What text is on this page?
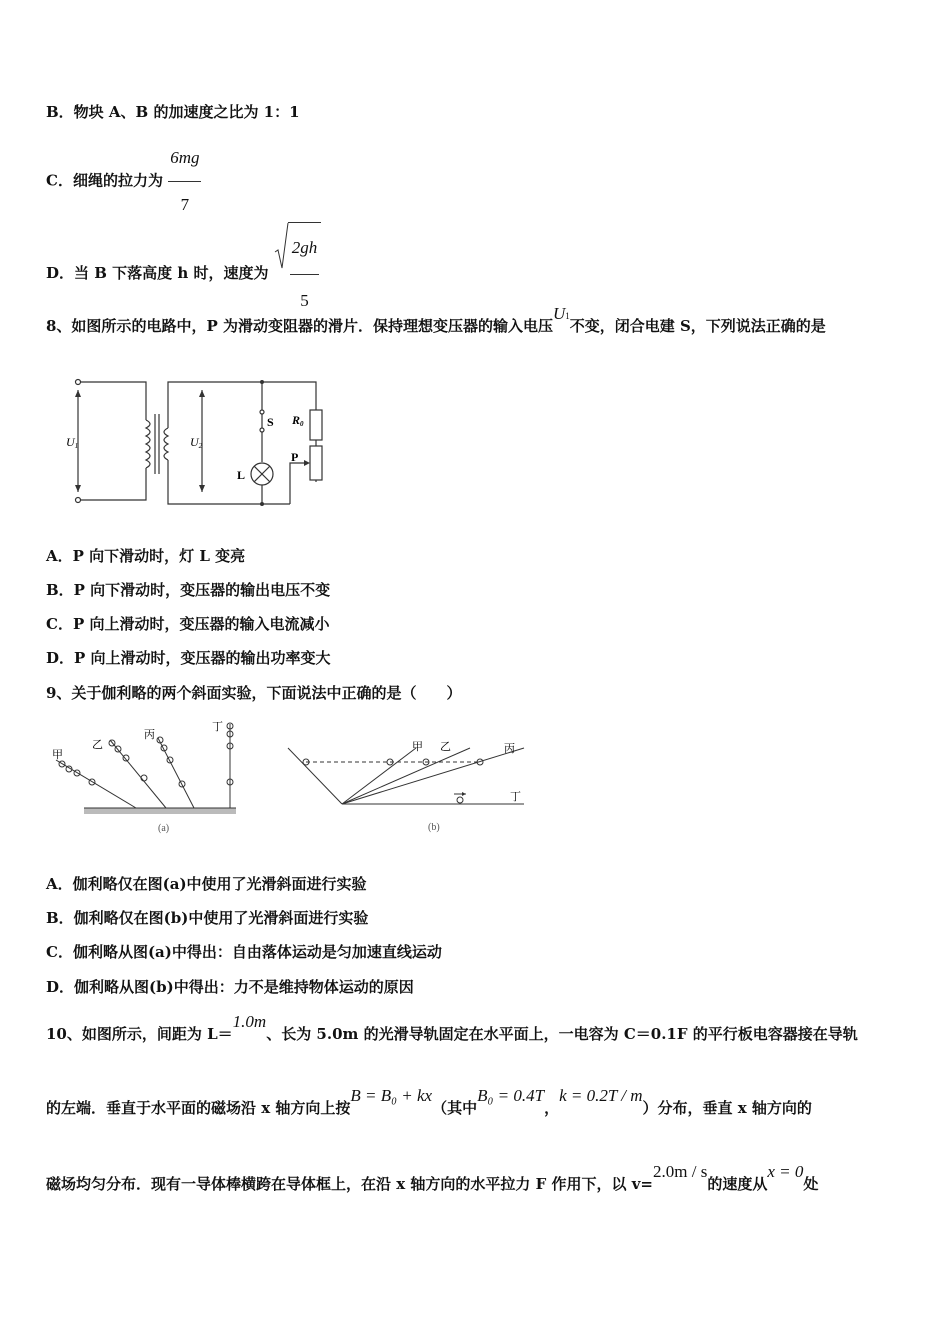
B．物块 A、B 的加速度之比为 1：1
C．细绳的拉力为 $\frac{6mg}{7}$
D．当 B 下落高度 h 时，速度为 $\frac{2gh}{5}$
8、如图所示的电路中，P 为滑动变阻器的滑片．保持理想变压器的输入电压U1不变，闭合电建 S，下列说法正确的是
U1	U2
S R0
P
L
A．P 向下滑动时，灯 L 变亮
B．P 向下滑动时，变压器的输出电压不变
C．P 向上滑动时，变压器的输入电流减小
D．P 向上滑动时，变压器的输出功率变大
9、关于伽利略的两个斜面实验，下面说法中正确的是（　　）
甲
乙
丙
丁
(a)
甲 乙	丙
丁
(b)
A．伽利略仅在图(a)中使用了光滑斜面进行实验
B．伽利略仅在图(b)中使用了光滑斜面进行实验
C．伽利略从图(a)中得出：自由落体运动是匀加速直线运动
D．伽利略从图(b)中得出：力不是维持物体运动的原因
10、如图所示，间距为 L＝1.0m、长为 5.0m 的光滑导轨固定在水平面上，一电容为 C＝0.1F 的平行板电容器接在导轨
的左端．垂直于水平面的磁场沿 x 轴方向上按B = B₀ + kx（其中B₀ = 0.4T，k = 0.2T / m）分布，垂直 x 轴方向的
磁场均匀分布．现有一导体棒横跨在导体框上，在沿 x 轴方向的水平拉力 F 作用下，以 v=2.0m / s的速度从x = 0处
